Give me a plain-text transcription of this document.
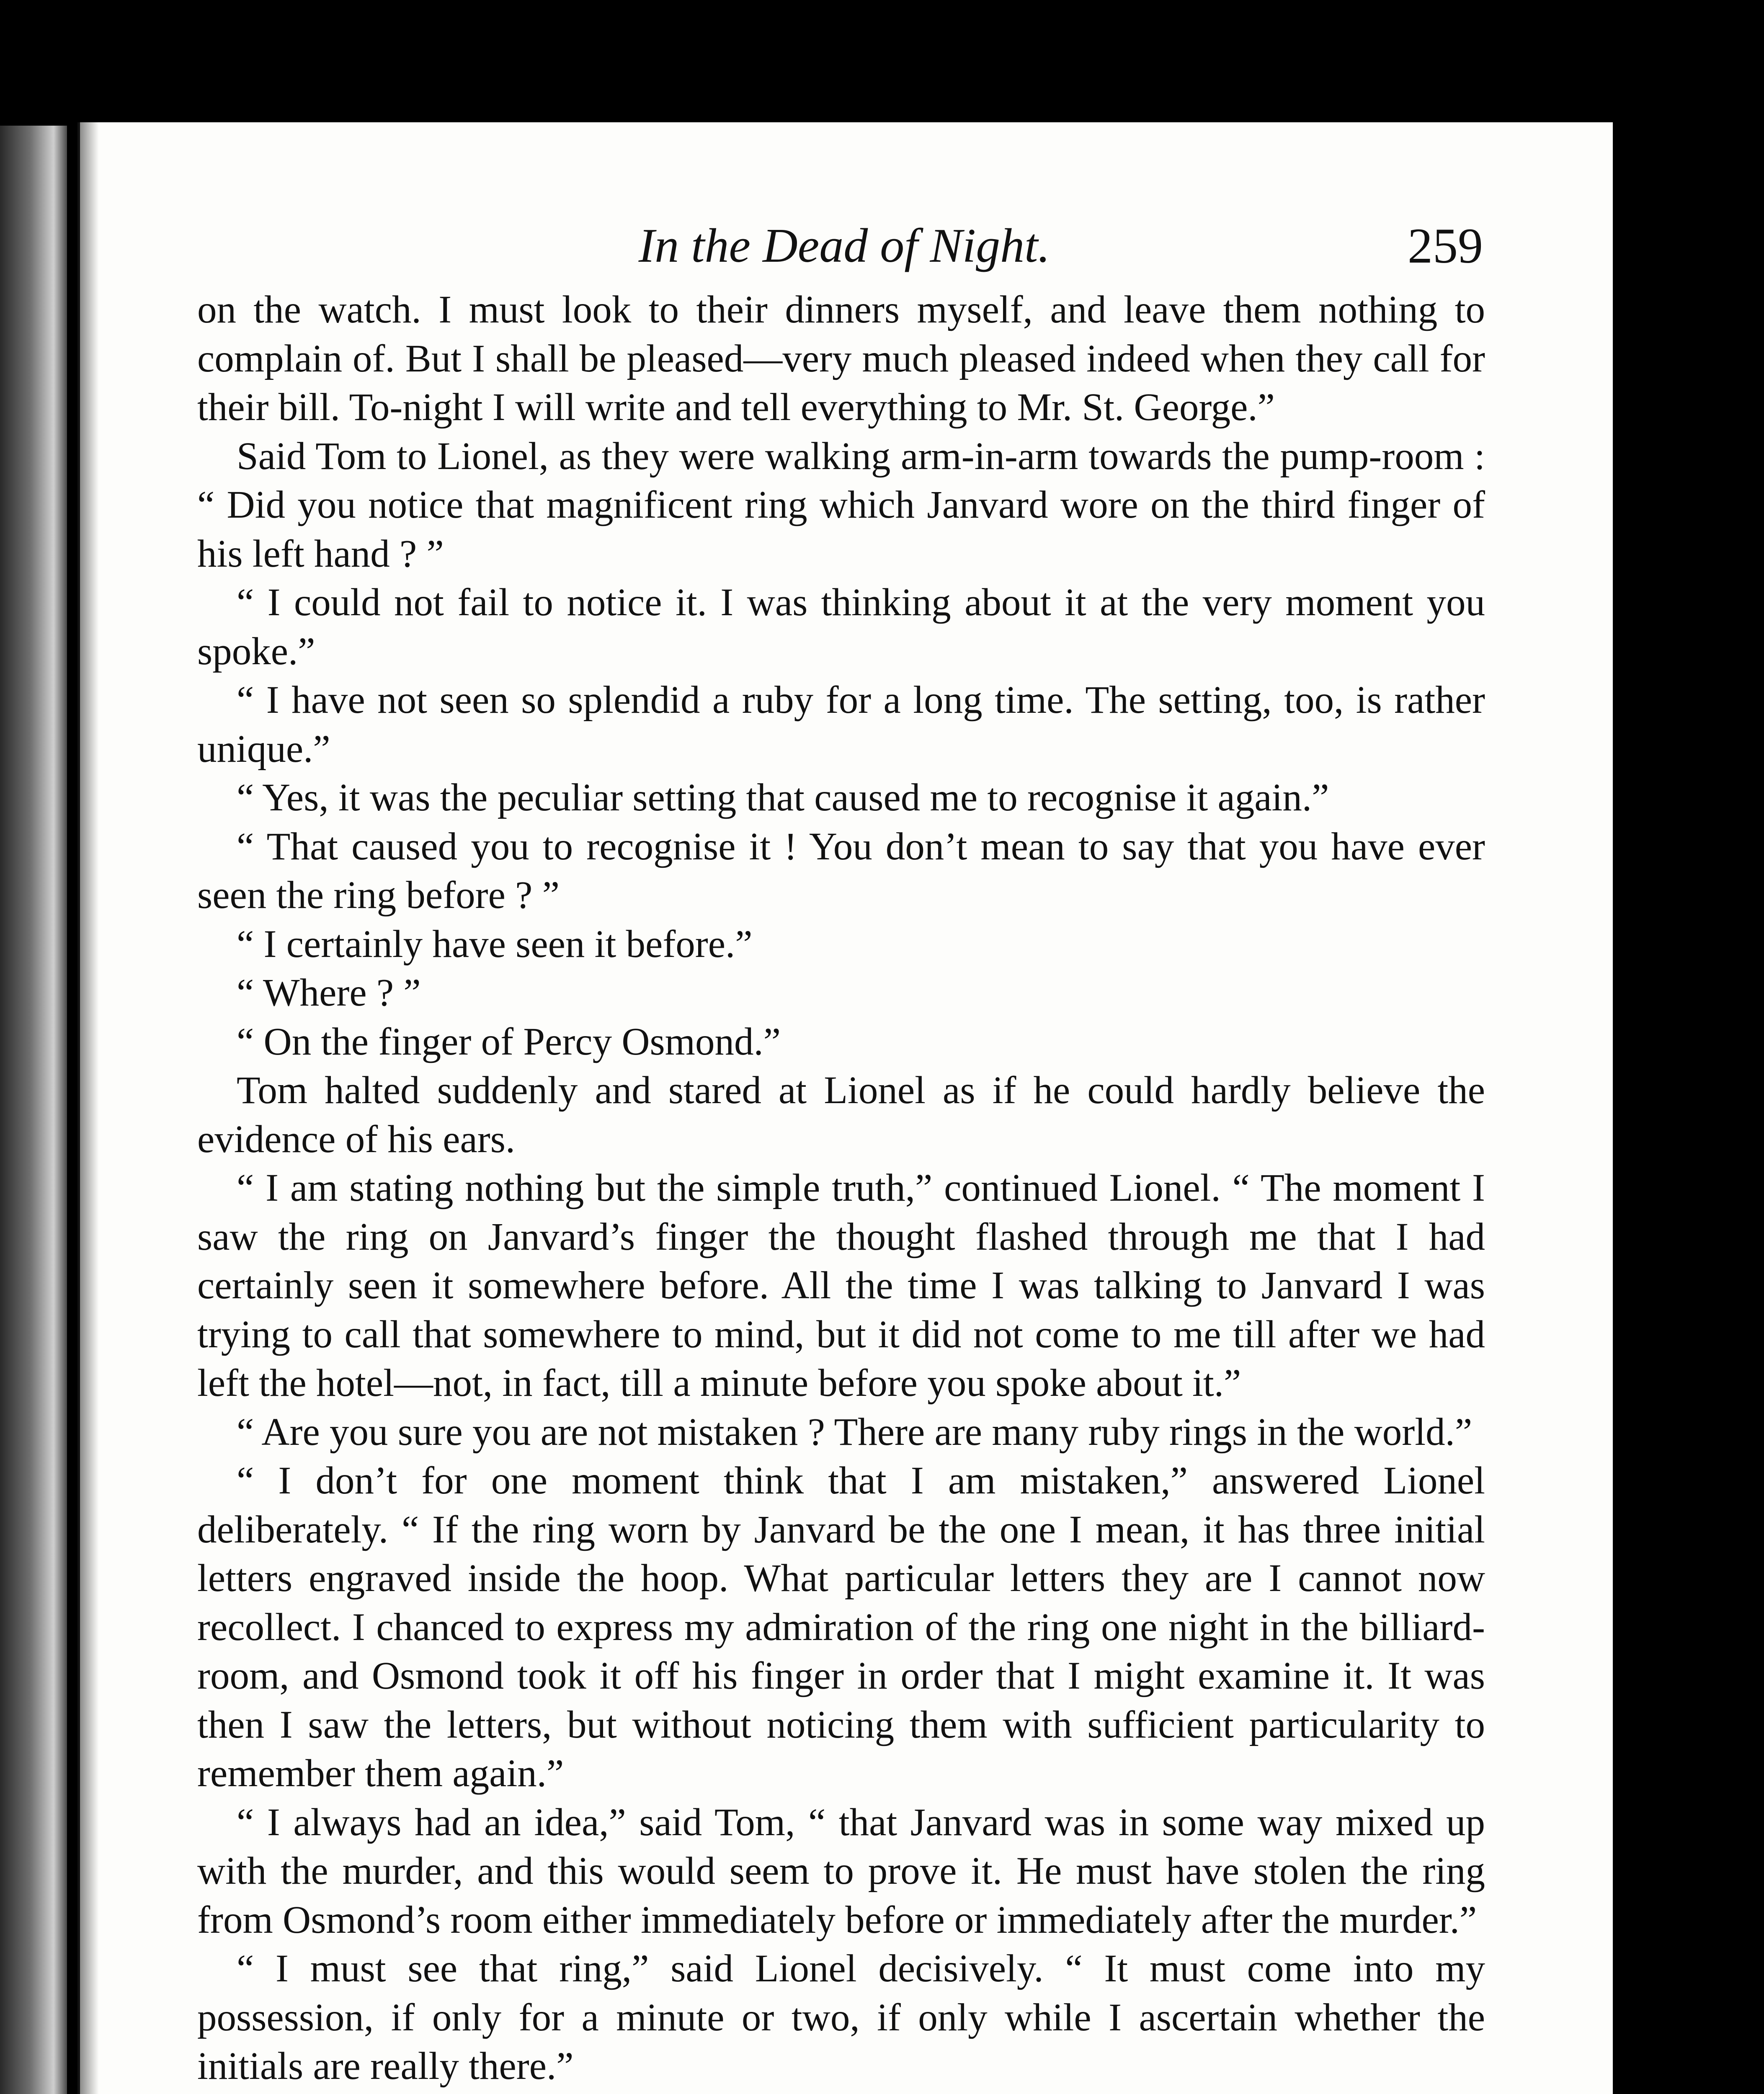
In the Dead of Night.	259

on the watch. I must look to their dinners myself, and leave them nothing to complain of. But I shall be pleased—very much pleased indeed when they call for their bill. To-night I will write and tell everything to Mr. St. George.”

Said Tom to Lionel, as they were walking arm-in-arm towards the pump-room : “ Did you notice that magnificent ring which Janvard wore on the third finger of his left hand ? ”

“ I could not fail to notice it. I was thinking about it at the very moment you spoke.”

“ I have not seen so splendid a ruby for a long time. The setting, too, is rather unique.”

“ Yes, it was the peculiar setting that caused me to recognise it again.”

“ That caused you to recognise it ! You don’t mean to say that you have ever seen the ring before ? ”

“ I certainly have seen it before.”

“ Where ? ”

“ On the finger of Percy Osmond.”

Tom halted suddenly and stared at Lionel as if he could hardly believe the evidence of his ears.

“ I am stating nothing but the simple truth,” continued Lionel. “ The moment I saw the ring on Janvard’s finger the thought flashed through me that I had certainly seen it somewhere before. All the time I was talking to Janvard I was trying to call that somewhere to mind, but it did not come to me till after we had left the hotel—not, in fact, till a minute before you spoke about it.”

“ Are you sure you are not mistaken ? There are many ruby rings in the world.”

“ I don’t for one moment think that I am mistaken,” answered Lionel deliberately. “ If the ring worn by Janvard be the one I mean, it has three initial letters engraved inside the hoop. What particular letters they are I cannot now recollect. I chanced to express my admiration of the ring one night in the billiard-room, and Osmond took it off his finger in order that I might examine it. It was then I saw the letters, but without noticing them with sufficient particularity to remember them again.”

“ I always had an idea,” said Tom, “ that Janvard was in some way mixed up with the murder, and this would seem to prove it. He must have stolen the ring from Osmond’s room either immediately before or immediately after the murder.”

“ I must see that ring,” said Lionel decisively. “ It must come into my possession, if only for a minute or two, if only while I ascertain whether the initials are really there.”
